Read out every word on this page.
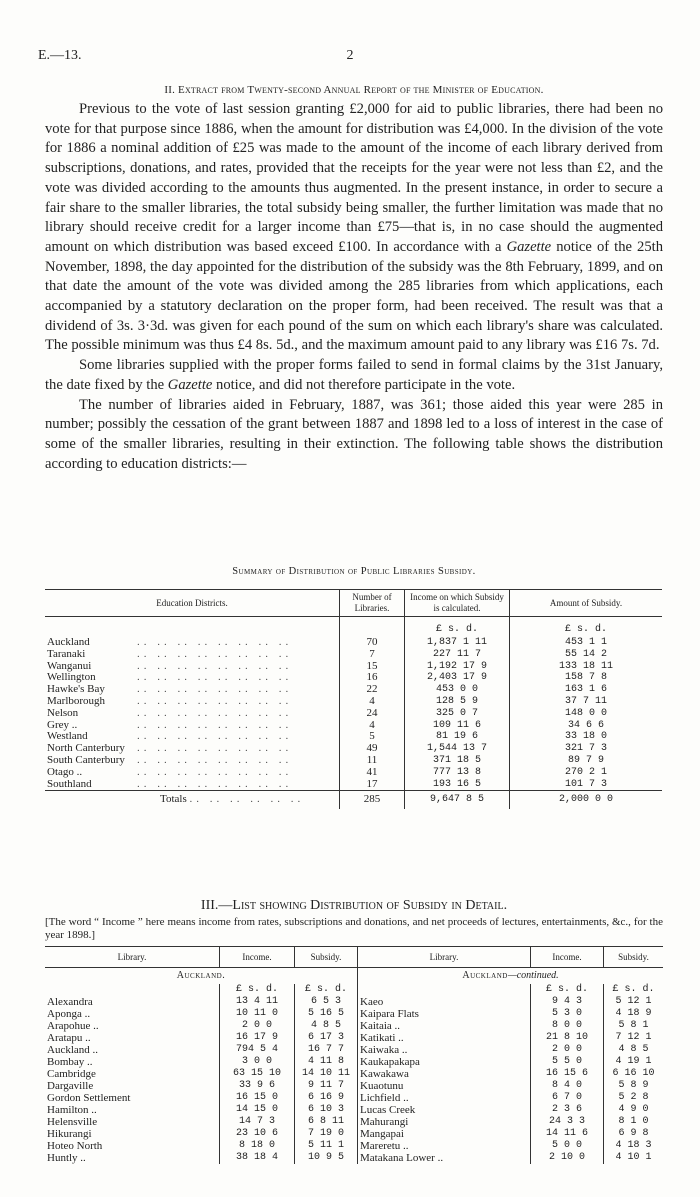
E.—13.	2
II. Extract from Twenty-second Annual Report of the Minister of Education.

Previous to the vote of last session granting £2,000 for aid to public libraries, there had been no vote for that purpose since 1886, when the amount for distribution was £4,000. In the division of the vote for 1886 a nominal addition of £25 was made to the amount of the income of each library derived from subscriptions, donations, and rates, provided that the receipts for the year were not less than £2, and the vote was divided according to the amounts thus augmented. In the present instance, in order to secure a fair share to the smaller libraries, the total subsidy being smaller, the further limitation was made that no library should receive credit for a larger income than £75—that is, in no case should the augmented amount on which distribution was based exceed £100. In accordance with a Gazette notice of the 25th November, 1898, the day appointed for the distribution of the subsidy was the 8th February, 1899, and on that date the amount of the vote was divided among the 285 libraries from which applications, each accompanied by a statutory declaration on the proper form, had been received. The result was that a dividend of 3s. 3·3d. was given for each pound of the sum on which each library's share was calculated. The possible minimum was thus £4 8s. 5d., and the maximum amount paid to any library was £16 7s. 7d.

Some libraries supplied with the proper forms failed to send in formal claims by the 31st January, the date fixed by the Gazette notice, and did not therefore participate in the vote.

The number of libraries aided in February, 1887, was 361; those aided this year were 285 in number; possibly the cessation of the grant between 1887 and 1898 led to a loss of interest in the case of some of the smaller libraries, resulting in their extinction. The following table shows the distribution according to education districts:—

Summary of Distribution of Public Libraries Subsidy.
Education Districts.	Number of Libraries.	Income on which Subsidy is calculated.	Amount of Subsidy.
		£ s. d.	£ s. d.
Auckland .. .. .. .. .. .. .. ..	70	1,837 1 11	453 1 1
Taranaki .. .. .. .. .. .. .. ..	7	227 11 7	55 14 2
Wanganui .. .. .. .. .. .. .. ..	15	1,192 17 9	133 18 11
Wellington .. .. .. .. .. .. .. ..	16	2,403 17 9	158 7 8
Hawke's Bay .. .. .. .. .. .. .. ..	22	453 0 0	163 1 6
Marlborough .. .. .. .. .. .. .. ..	4	128 5 9	37 7 11
Nelson .. .. .. .. .. .. .. ..	24	325 0 7	148 0 0
Grey .. .. .. .. .. .. .. .. ..	4	109 11 6	34 6 6
Westland .. .. .. .. .. .. .. ..	5	81 19 6	33 18 0
North Canterbury .. .. .. .. .. .. .. ..	49	1,544 13 7	321 7 3
South Canterbury .. .. .. .. .. .. .. ..	11	371 18 5	89 7 9
Otago .. .. .. .. .. .. .. .. ..	41	777 13 8	270 2 1
Southland .. .. .. .. .. .. .. ..	17	193 16 5	101 7 3
Totals .. .. .. .. .. ..	285	9,647 8 5	2,000 0 0
III.—List showing Distribution of Subsidy in Detail.
[The word “ Income ” here means income from rates, subscriptions and donations, and net proceeds of lectures, entertainments, &c., for the year 1898.]
Library.	Income.	Subsidy.
Auckland.		
	£ s. d.	£ s. d.
Alexandra	13 4 11	6 5 3
Aponga ..	10 11 0	5 16 5
Arapohue ..	2 0 0	4 8 5
Aratapu ..	16 17 9	6 17 3
Auckland ..	794 5 4	16 7 7
Bombay ..	3 0 0	4 11 8
Cambridge	63 15 10	14 10 11
Dargaville	33 9 6	9 11 7
Gordon Settlement	16 15 0	6 16 9
Hamilton ..	14 15 0	6 10 3
Helensville	14 7 3	6 8 11
Hikurangi	23 10 6	7 19 0
Hoteo North	8 18 0	5 11 1
Huntly ..	38 18 4	10 9 5
Library.	Income.	Subsidy.
Auckland—continued.		
	£ s. d.	£ s. d.
Kaeo	9 4 3	5 12 1
Kaipara Flats	5 3 0	4 18 9
Kaitaia ..	8 0 0	5 8 1
Katikati ..	21 8 10	7 12 1
Kaiwaka ..	2 0 0	4 8 5
Kaukapakapa	5 5 0	4 19 1
Kawakawa	16 15 6	6 16 10
Kuaotunu	8 4 0	5 8 9
Lichfield ..	6 7 0	5 2 8
Lucas Creek	2 3 6	4 9 0
Mahurangi	24 3 3	8 1 0
Mangapai	14 11 6	6 9 8
Mareretu ..	5 0 0	4 18 3
Matakana Lower ..	2 10 0	4 10 1
